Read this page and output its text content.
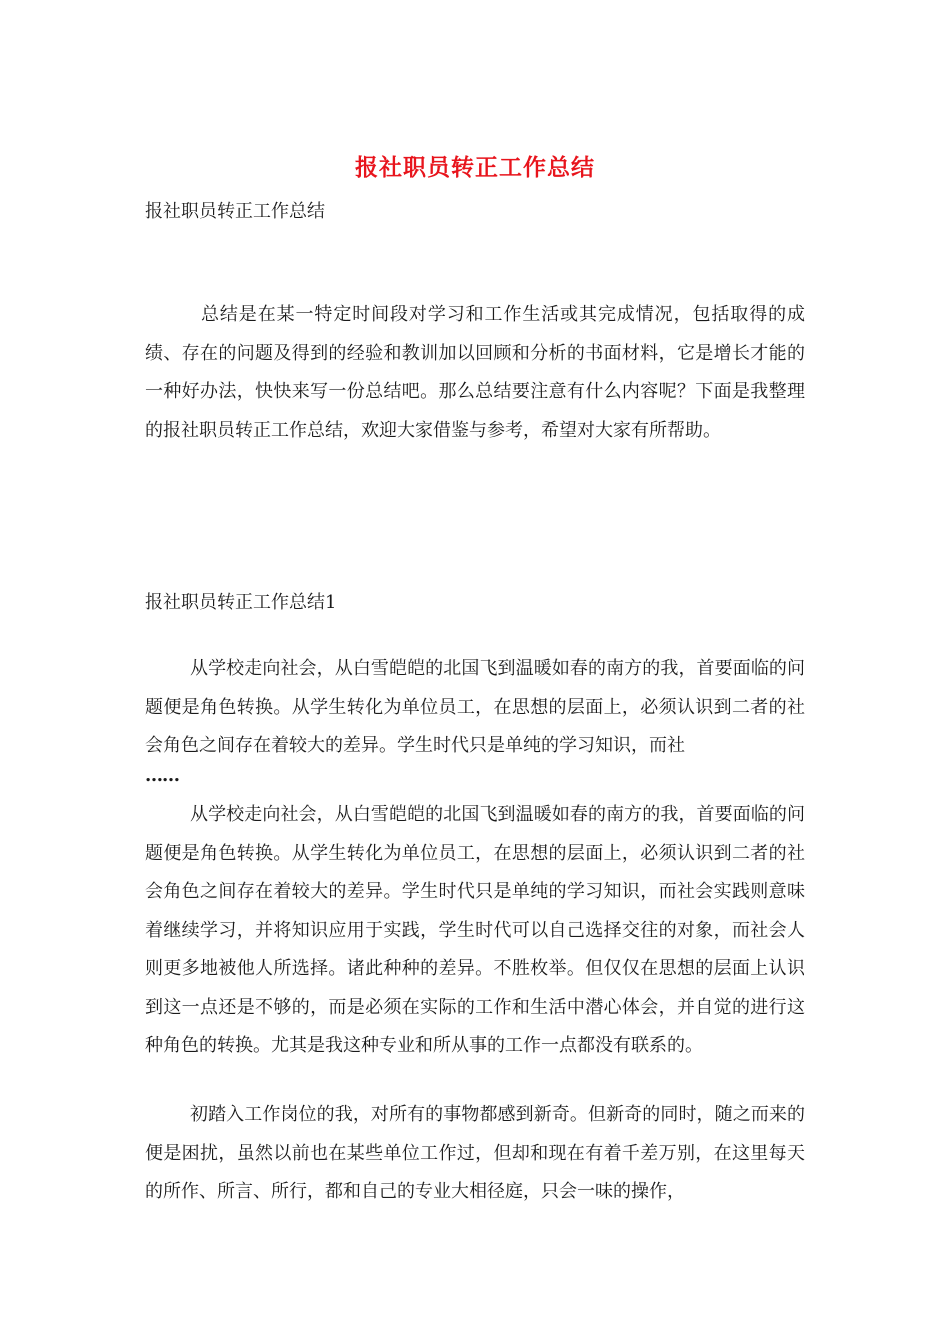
报社职员转正工作总结
报社职员转正工作总结

总结是在某一特定时间段对学习和工作生活或其完成情况，包括取得的成绩、存在的问题及得到的经验和教训加以回顾和分析的书面材料，它是增长才能的一种好办法，快快来写一份总结吧。那么总结要注意有什么内容呢？下面是我整理的报社职员转正工作总结，欢迎大家借鉴与参考，希望对大家有所帮助。

报社职员转正工作总结1

从学校走向社会，从白雪皑皑的北国飞到温暖如春的南方的我，首要面临的问题便是角色转换。从学生转化为单位员工，在思想的层面上，必须认识到二者的社会角色之间存在着较大的差异。学生时代只是单纯的学习知识，而社

……

从学校走向社会，从白雪皑皑的北国飞到温暖如春的南方的我，首要面临的问题便是角色转换。从学生转化为单位员工，在思想的层面上，必须认识到二者的社会角色之间存在着较大的差异。学生时代只是单纯的学习知识，而社会实践则意味着继续学习，并将知识应用于实践，学生时代可以自己选择交往的对象，而社会人则更多地被他人所选择。诸此种种的差异。不胜枚举。但仅仅在思想的层面上认识到这一点还是不够的，而是必须在实际的工作和生活中潜心体会，并自觉的进行这种角色的转换。尤其是我这种专业和所从事的工作一点都没有联系的。

初踏入工作岗位的我，对所有的事物都感到新奇。但新奇的同时，随之而来的便是困扰，虽然以前也在某些单位工作过，但却和现在有着千差万别，在这里每天的所作、所言、所行，都和自己的专业大相径庭，只会一味的操作，
